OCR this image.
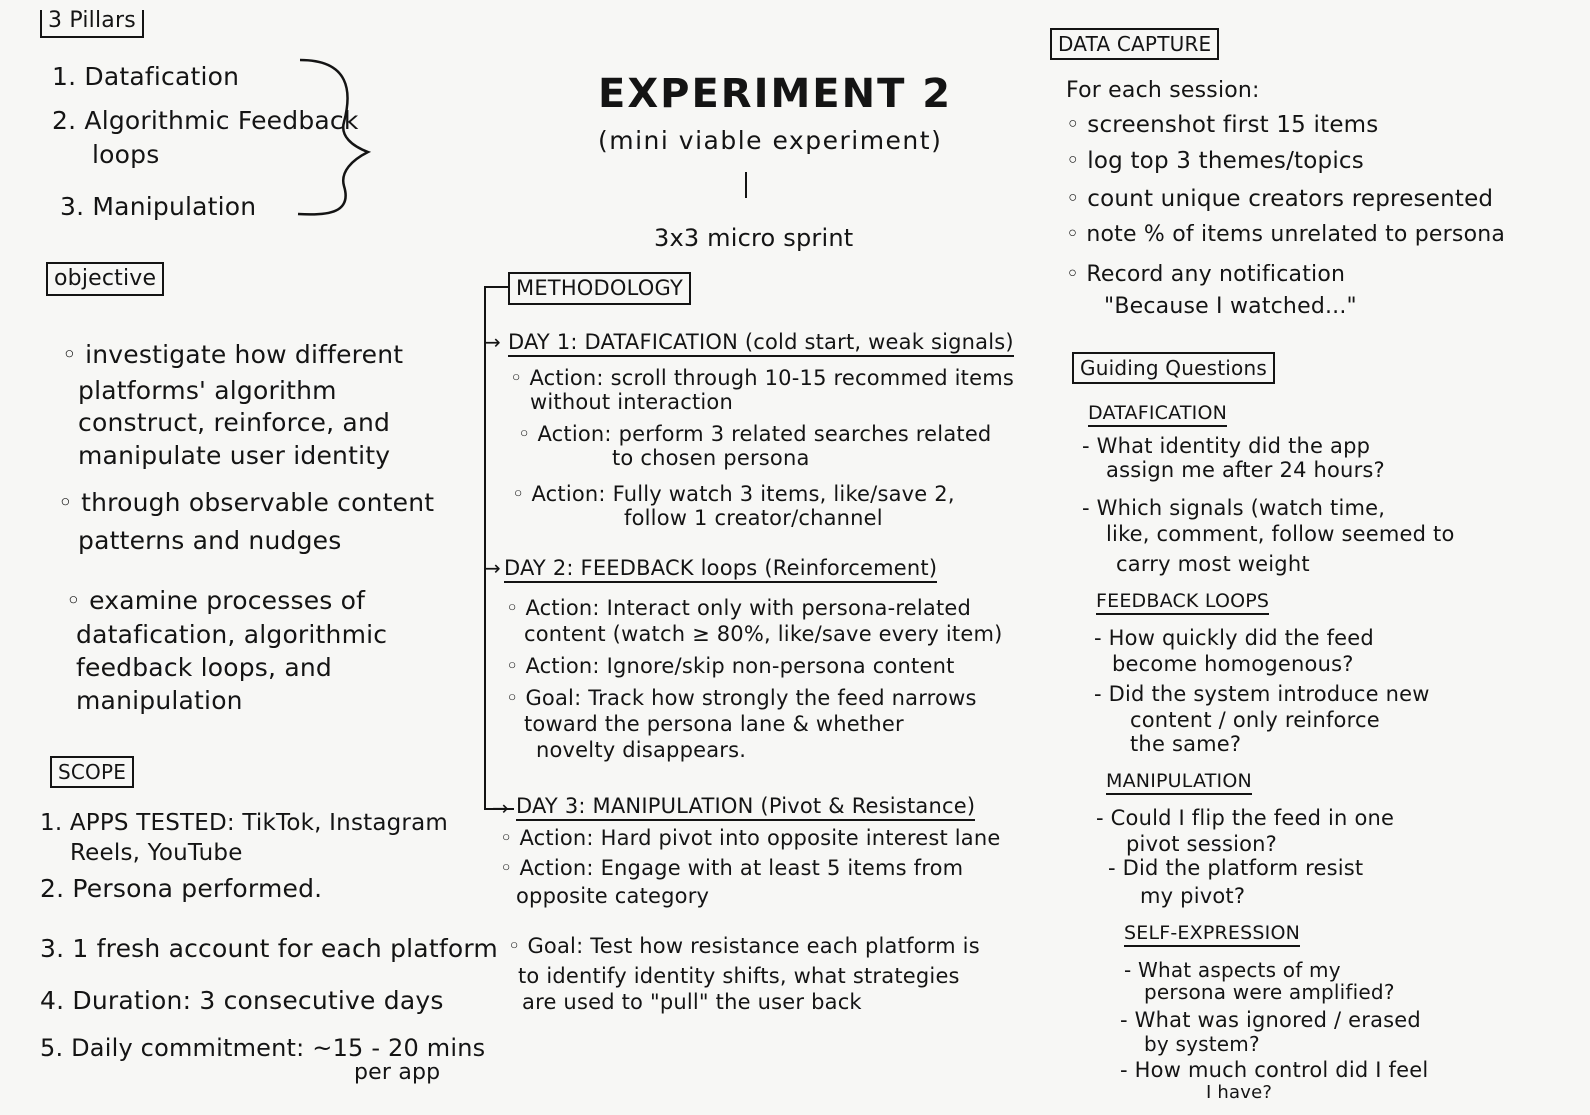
3 Pillars
1. Datafication
2. Algorithmic Feedback
loops
3. Manipulation
objective
◦ investigate how different
platforms' algorithm
construct, reinforce, and
manipulate user identity
◦ through observable content
patterns and nudges
◦ examine processes of
datafication, algorithmic
feedback loops, and
manipulation
SCOPE
1. APPS TESTED: TikTok, Instagram
Reels, YouTube
2. Persona performed.
3. 1 fresh account for each platform
4. Duration: 3 consecutive days
5. Daily commitment: ~15 - 20 mins
per app
EXPERIMENT 2
(mini viable experiment)
3x3 micro sprint
METHODOLOGY
→ DAY 1: DATAFICATION (cold start, weak signals)
◦ Action: scroll through 10-15 recommed items
without interaction
◦ Action: perform 3 related searches related
to chosen persona
◦ Action: Fully watch 3 items, like/save 2,
follow 1 creator/channel
→ DAY 2: FEEDBACK loops (Reinforcement)
◦ Action: Interact only with persona-related
content (watch ≥ 80%, like/save every item)
◦ Action: Ignore/skip non-persona content
◦ Goal: Track how strongly the feed narrows
toward the persona lane & whether
novelty disappears.
→ DAY 3: MANIPULATION (Pivot & Resistance)
◦ Action: Hard pivot into opposite interest lane
◦ Action: Engage with at least 5 items from
opposite category
◦ Goal: Test how resistance each platform is
to identify identity shifts, what strategies
are used to "pull" the user back
DATA CAPTURE
For each session:
◦ screenshot first 15 items
◦ log top 3 themes/topics
◦ count unique creators represented
◦ note % of items unrelated to persona
◦ Record any notification
"Because I watched..."
Guiding Questions
DATAFICATION
- What identity did the app
assign me after 24 hours?
- Which signals (watch time,
like, comment, follow seemed to
carry most weight
FEEDBACK LOOPS
- How quickly did the feed
become homogenous?
- Did the system introduce new
content / only reinforce
the same?
MANIPULATION
- Could I flip the feed in one
pivot session?
- Did the platform resist
my pivot?
SELF-EXPRESSION
- What aspects of my
persona were amplified?
- What was ignored / erased
by system?
- How much control did I feel
I have?
